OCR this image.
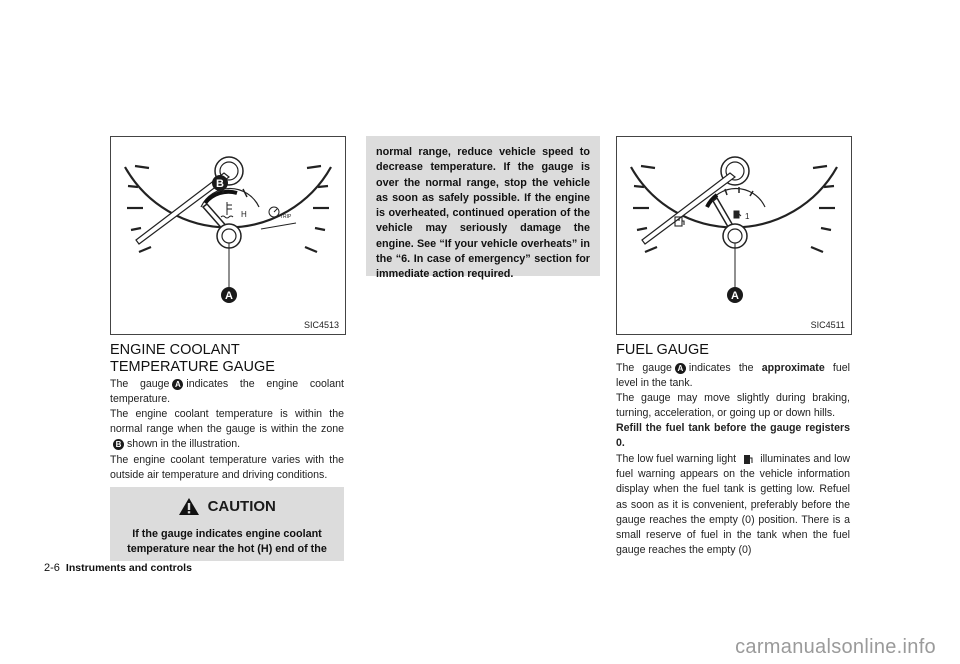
B
A
H	TRIP
SIC4513
ENGINE COOLANT TEMPERATURE GAUGE

The gauge A indicates the engine coolant temperature.

The engine coolant temperature is within the normal range when the gauge is within the zoneB shown in the illustration.

The engine coolant temperature varies with the outside air temperature and driving conditions.

CAUTION
If the gauge indicates engine coolant temperature near the hot (H) end of the
normal range, reduce vehicle speed to decrease temperature. If the gauge is over the normal range, stop the vehicle as soon as safely possible. If the engine is overheated, continued operation of the vehicle may seriously damage the engine. See “If your vehicle overheats” in the “6. In case of emergency” section for immediate action required.
1
A
SIC4511
FUEL GAUGE

The gauge A indicates the approximate fuel level in the tank.

The gauge may move slightly during braking, turning, acceleration, or going up or down hills.

Refill the fuel tank before the gauge registers 0.

The low fuel warning light illuminates and low fuel warning appears on the vehicle information display when the fuel tank is getting low. Refuel as soon as it is convenient, preferably before the gauge reaches the empty (0) position. There is a small reserve of fuel in the tank when the fuel gauge reaches the empty (0)

2-6 Instruments and controls
carmanualsonline.info
